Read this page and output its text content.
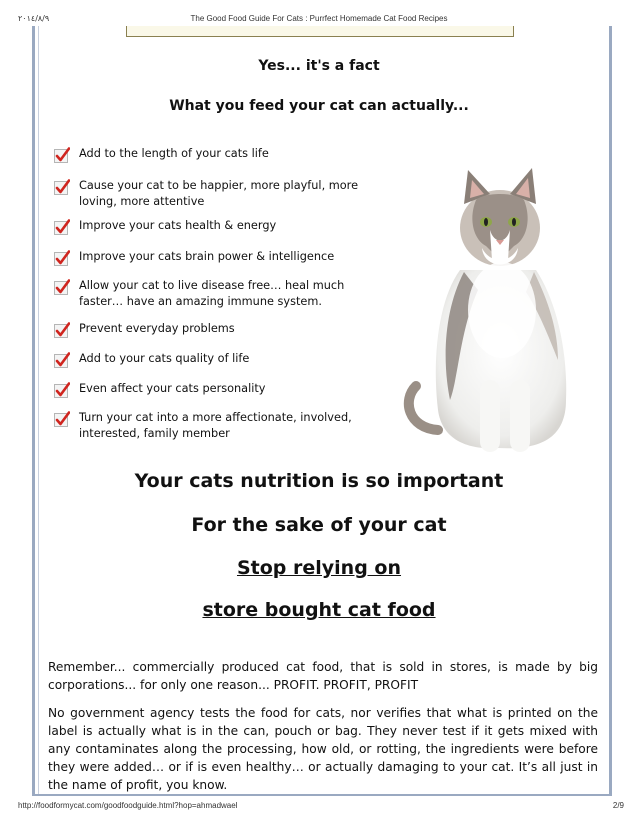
٢٠١٤/٨/٩	The Good Food Guide For Cats : Purrfect Homemade Cat Food Recipes
Yes... it's a fact
What you feed your cat can actually...
Add to the length of your cats life
Cause your cat to be happier, more playful, more
loving, more attentive
Improve your cats health & energy
Improve your cats brain power & intelligence
Allow your cat to live disease free… heal much
faster… have an amazing immune system.
Prevent everyday problems
Add to your cats quality of life
Even affect your cats personality
Turn your cat into a more affectionate, involved,
interested, family member
Your cats nutrition is so important
For the sake of your cat
Stop relying on
store bought cat food
Remember... commercially produced cat food, that is sold in stores, is made by big corporations... for only one reason... PROFIT. PROFIT, PROFIT
No government agency tests the food for cats, nor verifies that what is printed on the label is actually what is in the can, pouch or bag. They never test if it gets mixed with any contaminates along the processing, how old, or rotting, the ingredients were before they were added… or if is even healthy… or actually damaging to your cat. It’s all just in the name of profit, you know.
http://foodformycat.com/goodfoodguide.html?hop=ahmadwael	2/9
